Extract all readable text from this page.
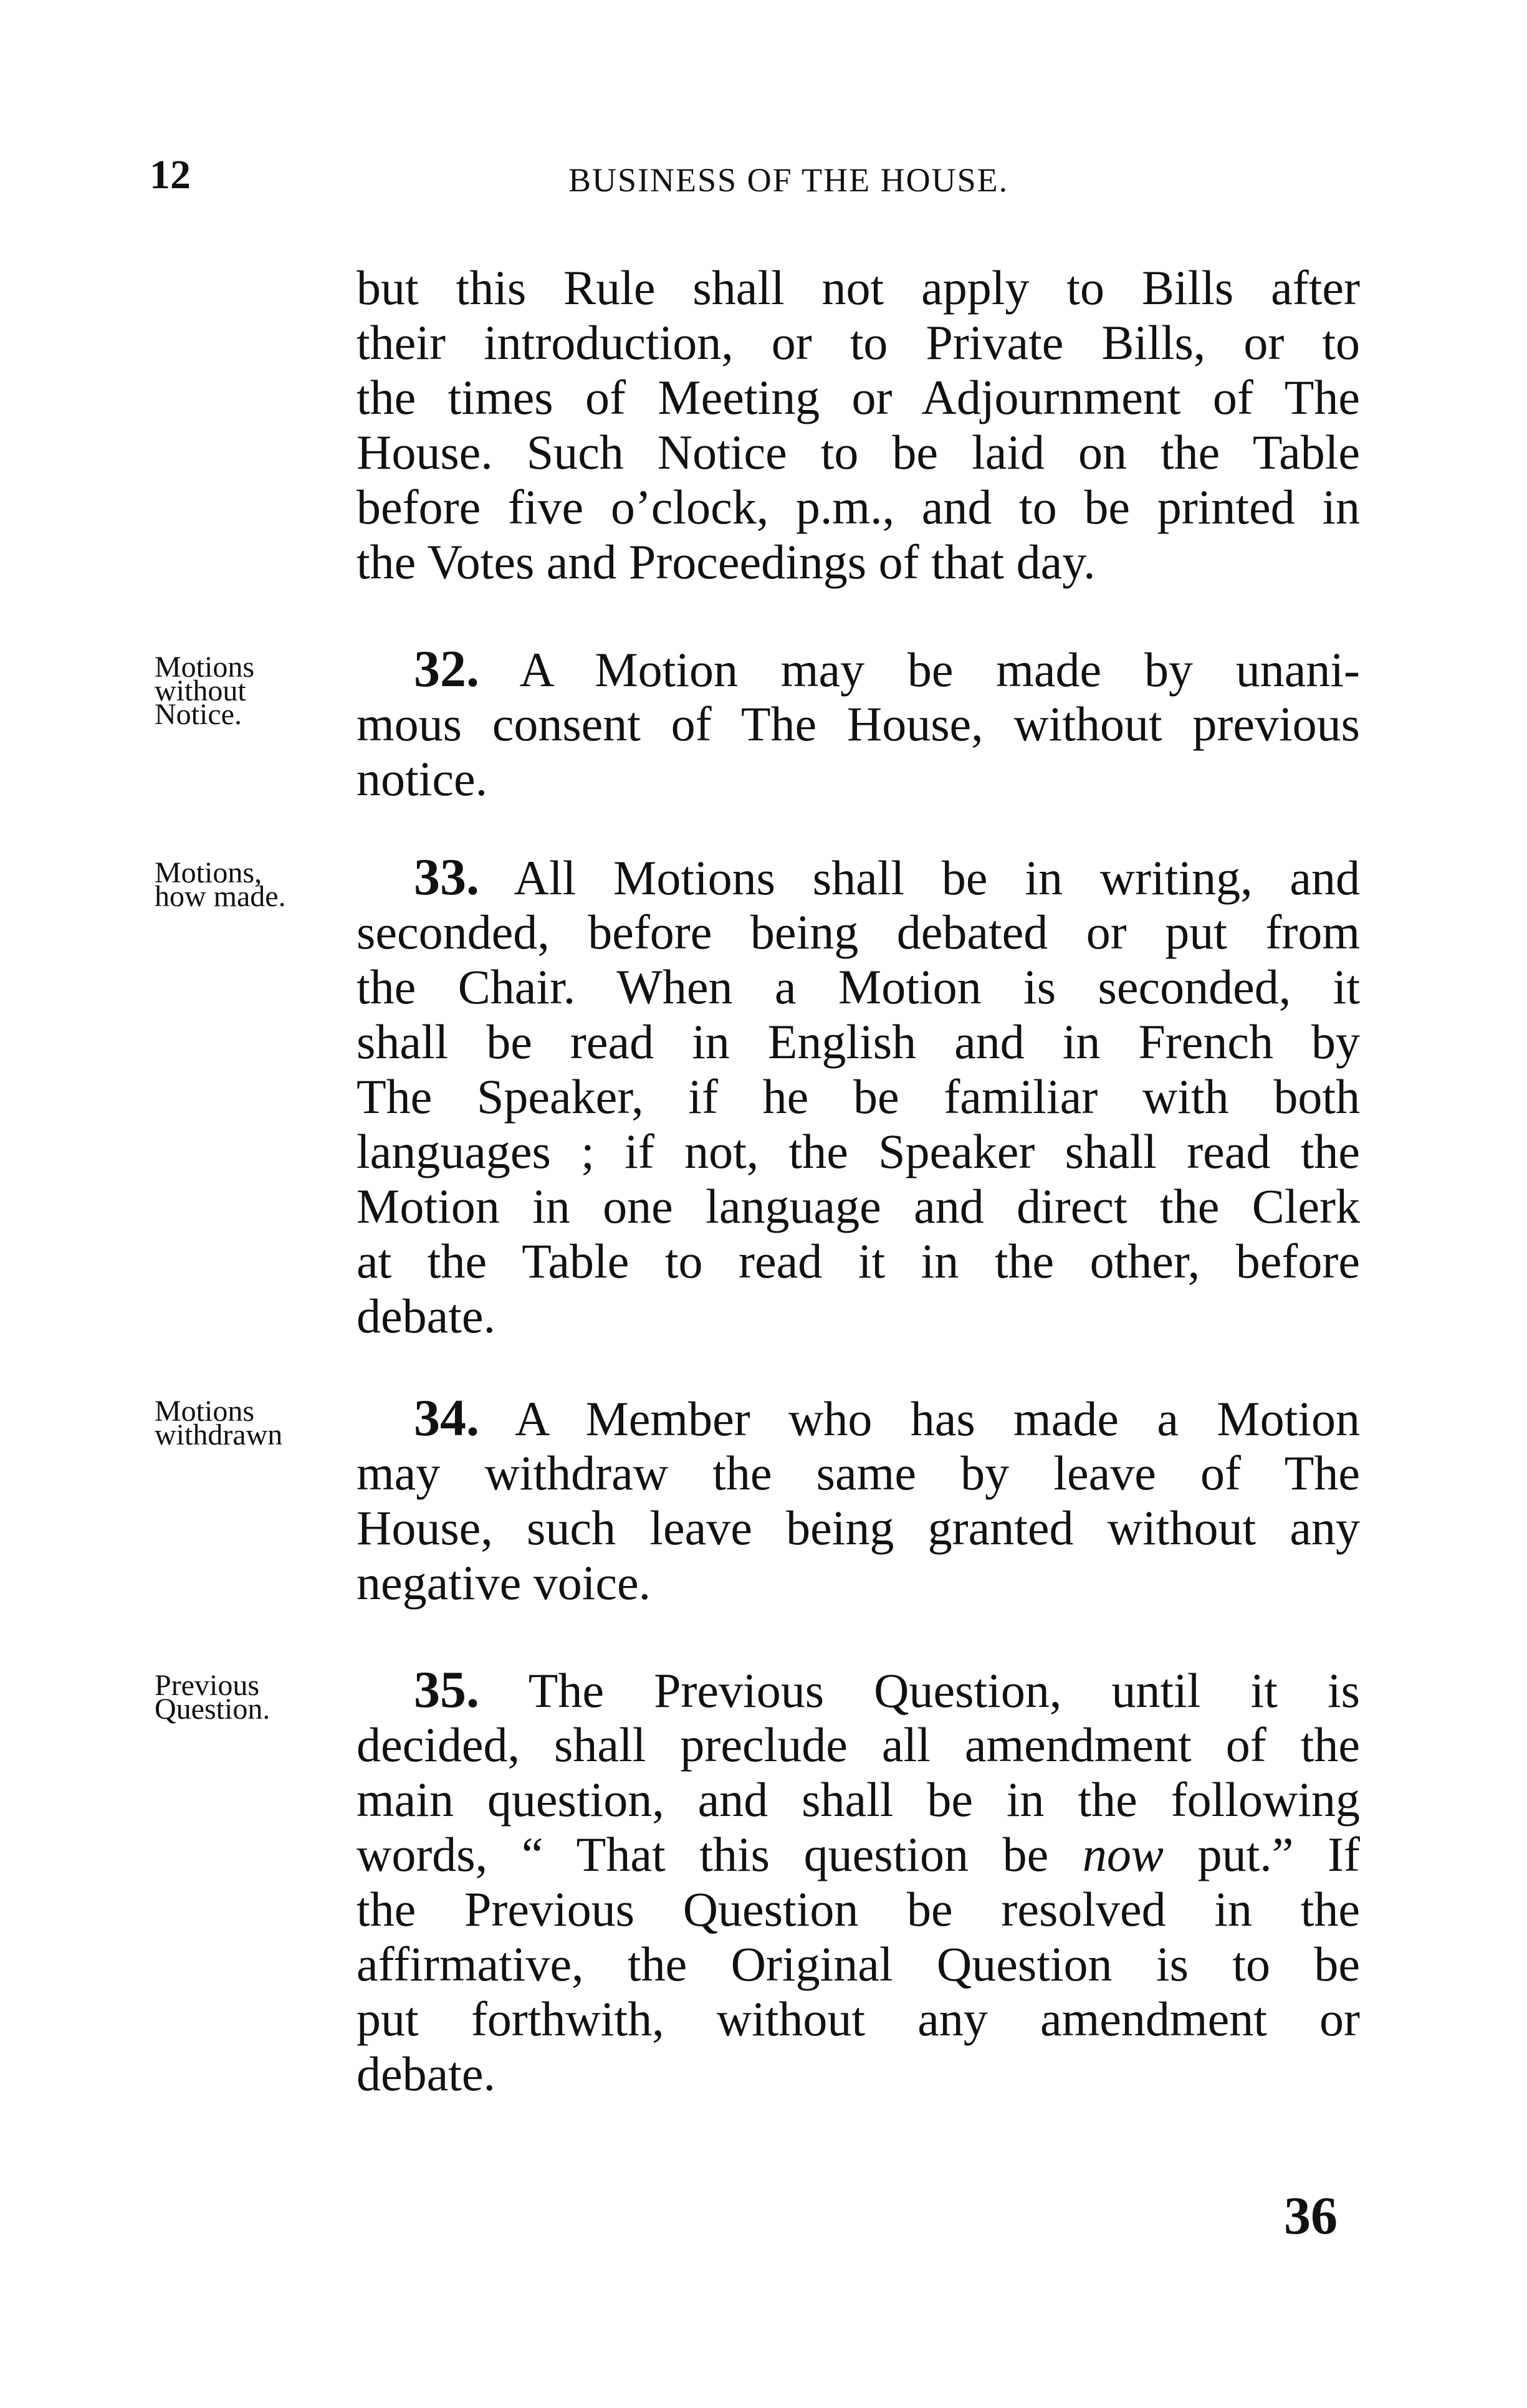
12	BUSINESS OF THE HOUSE.
but this Rule shall not apply to Bills after
their introduction, or to Private Bills, or to
the times of Meeting or Adjournment of The
House. Such Notice to be laid on the Table
before five o’clock, p.m., and to be printed in
the Votes and Proceedings of that day.
Motions
without
Notice.
32. A Motion may be made by unani-
mous consent of The House, without previous
notice.
Motions,
how made.	33. All Motions shall be in writing, and
seconded, before being debated or put from
the Chair. When a Motion is seconded, it
shall be read in English and in French by
The Speaker, if he be familiar with both
languages ; if not, the Speaker shall read the
Motion in one language and direct the Clerk
at the Table to read it in the other, before
debate.
Motions
withdrawn	34. A Member who has made a Motion
may withdraw the same by leave of The
House, such leave being granted without any
negative voice.
Previous
Question.	35. The Previous Question, until it is
decided, shall preclude all amendment of the
main question, and shall be in the following
words, “ That this question be now put.” If
the Previous Question be resolved in the
affirmative, the Original Question is to be
put forthwith, without any amendment or
debate.
36
